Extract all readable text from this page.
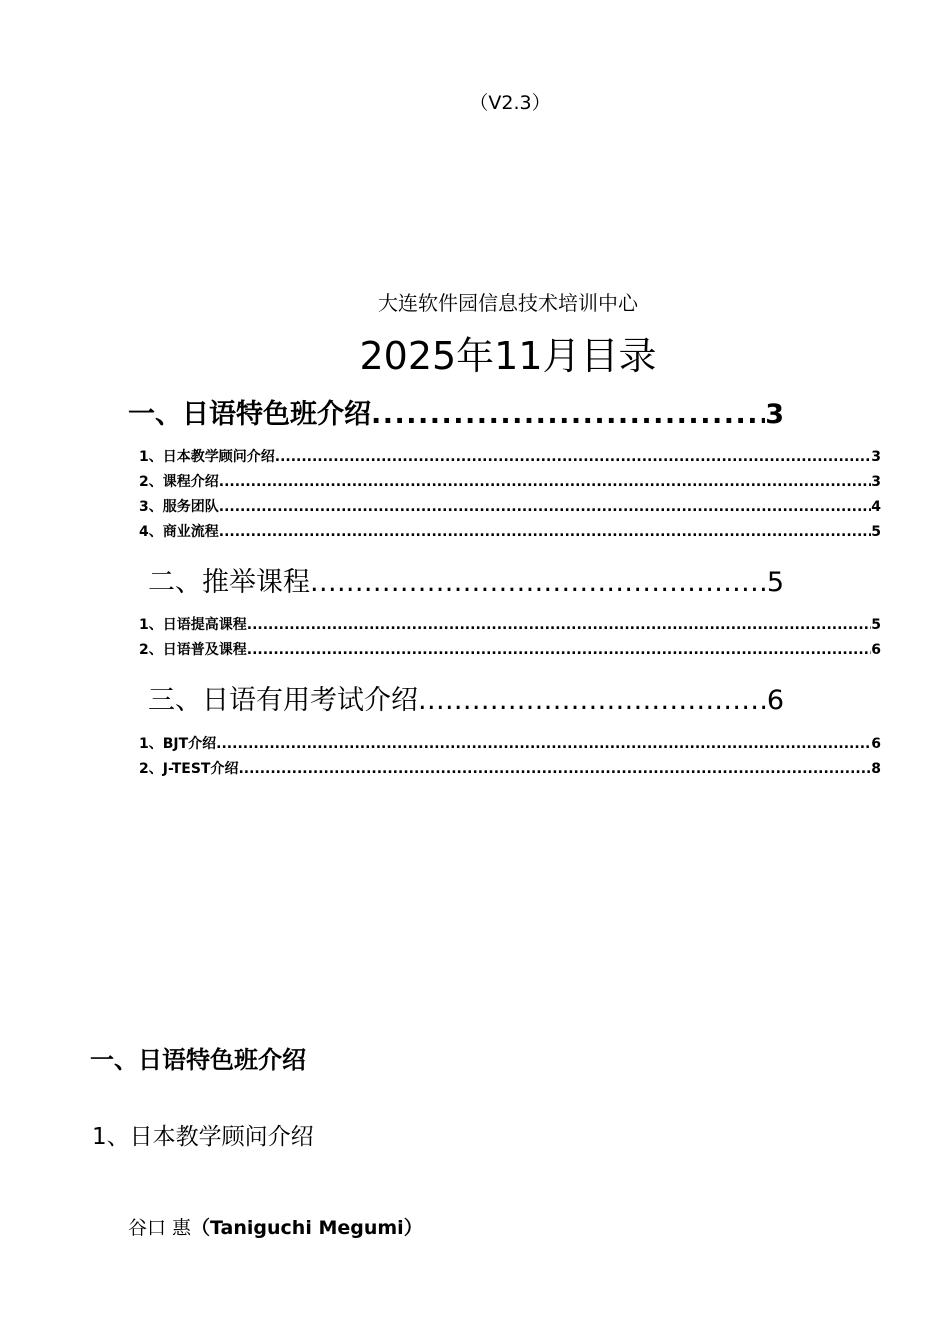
（V2.3）
大连软件园信息技术培训中心
2025年11月目录
一、日语特色班介绍 .....	3
1、日本教学顾问介绍 .....	3
2、课程介绍 .....	3
3、服务团队 .....	4
4、商业流程 .....	5
二、推举课程 .....	5
1、日语提高课程 .....	5
2、日语普及课程 .....	6
三、日语有用考试介绍 .....	6
1、BJT介绍 .....	6
2、J-TEST介绍 .....	8
一、日语特色班介绍
1、日本教学顾问介绍
谷口 惠（Taniguchi Megumi）
